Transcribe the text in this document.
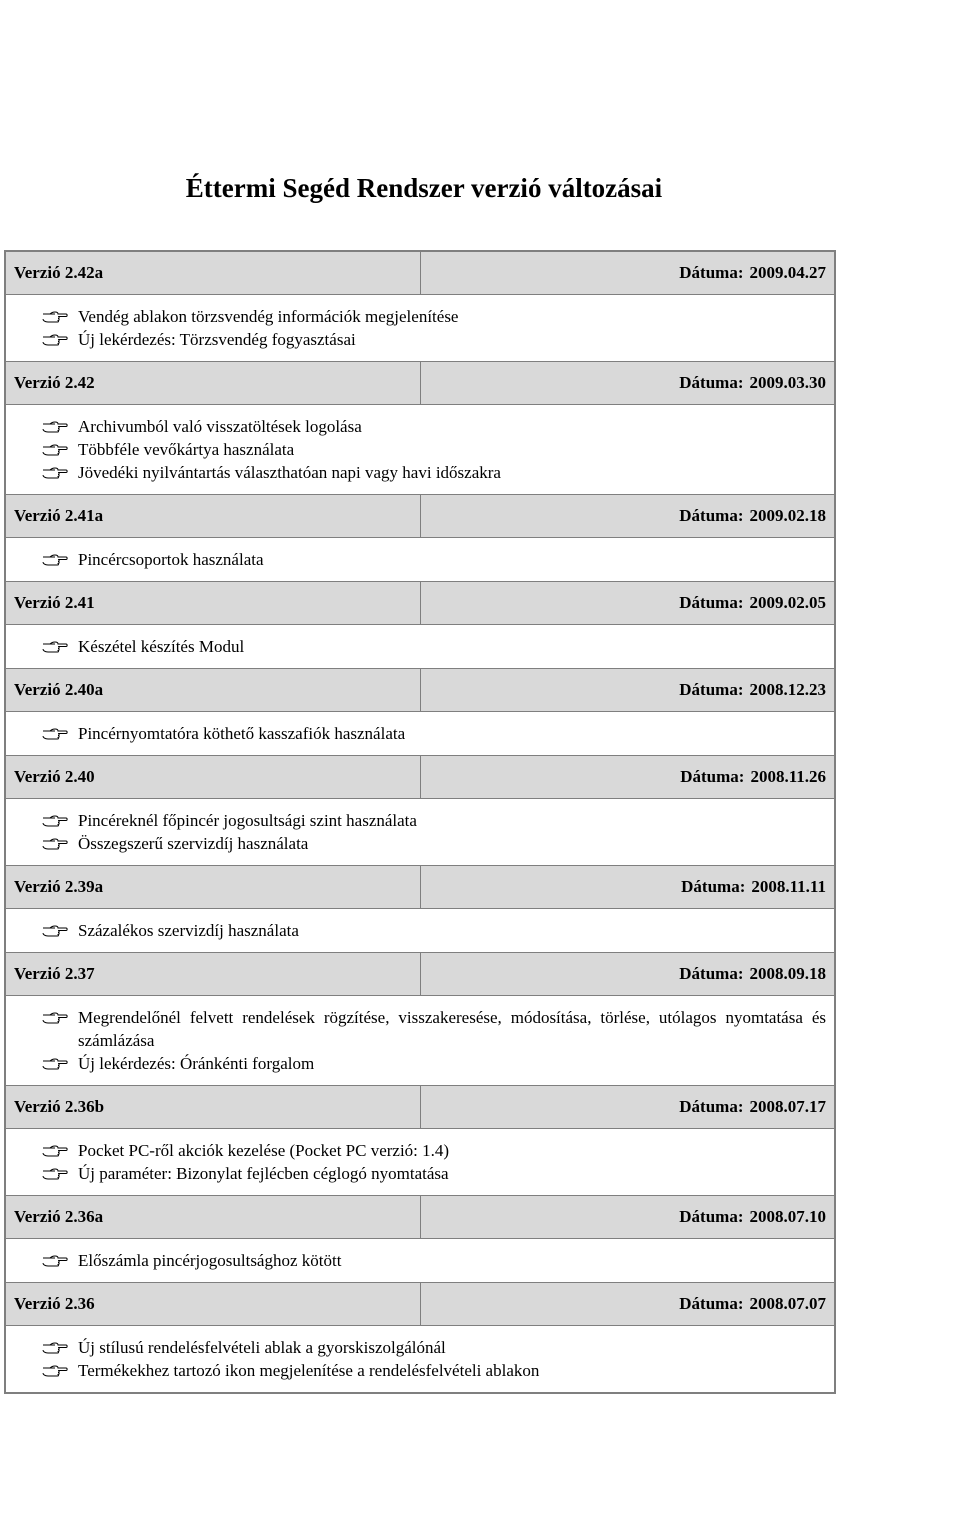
Éttermi Segéd Rendszer verzió változásai
Verzió 2.42a	Dátuma: 2009.04.27
Vendég ablakon törzsvendég információk megjelenítése
Új lekérdezés: Törzsvendég fogyasztásai
Verzió 2.42	Dátuma: 2009.03.30
Archivumból való visszatöltések logolása
Többféle vevőkártya használata
Jövedéki nyilvántartás választhatóan napi vagy havi időszakra
Verzió 2.41a	Dátuma: 2009.02.18
Pincércsoportok használata
Verzió 2.41	Dátuma: 2009.02.05
Készétel készítés Modul
Verzió 2.40a	Dátuma: 2008.12.23
Pincérnyomtatóra köthető kasszafiók használata
Verzió 2.40	Dátuma: 2008.11.26
Pincéreknél főpincér jogosultsági szint használata
Összegszerű szervizdíj használata
Verzió 2.39a	Dátuma: 2008.11.11
Százalékos szervizdíj használata
Verzió 2.37	Dátuma: 2008.09.18
Megrendelőnél felvett rendelések rögzítése, visszakeresése, módosítása, törlése, utólagos nyomtatása és számlázása
Új lekérdezés: Óránkénti forgalom
Verzió 2.36b	Dátuma: 2008.07.17
Pocket PC-ről akciók kezelése (Pocket PC verzió: 1.4)
Új paraméter: Bizonylat fejlécben céglogó nyomtatása
Verzió 2.36a	Dátuma: 2008.07.10
Előszámla pincérjogosultsághoz kötött
Verzió 2.36	Dátuma: 2008.07.07
Új stílusú rendelésfelvételi ablak a gyorskiszolgálónál
Termékekhez tartozó ikon megjelenítése a rendelésfelvételi ablakon
